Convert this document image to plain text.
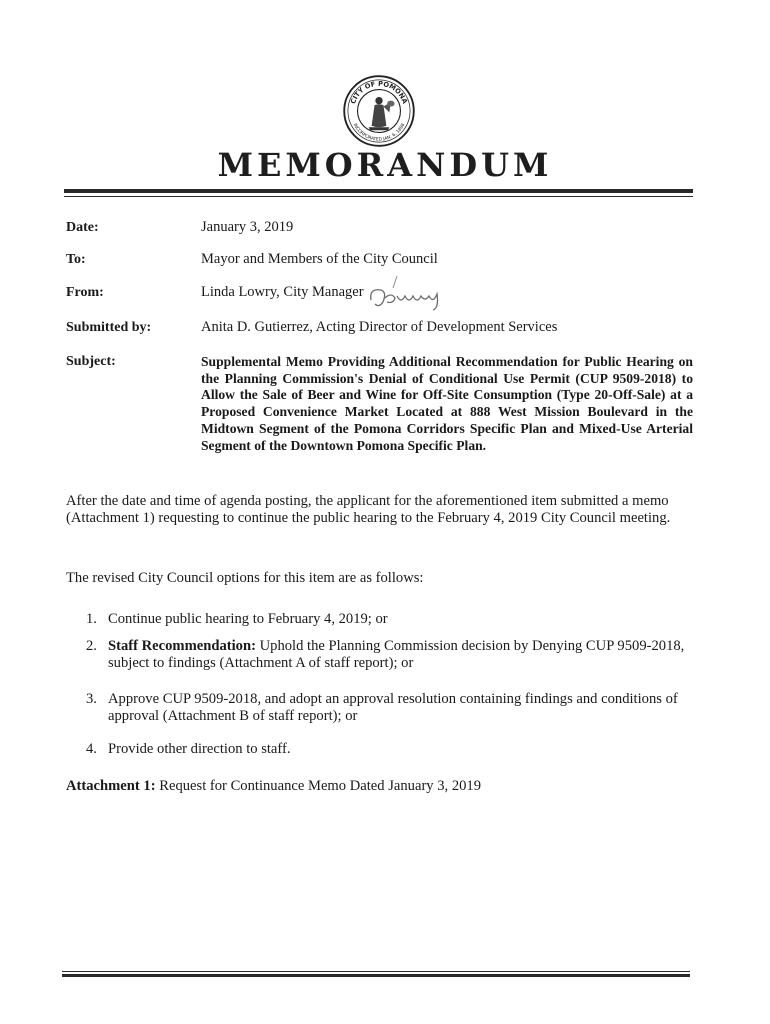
CITY OF POMONA
INCORPORATED JAN. 6, 1888
MEMORANDUM
Date:	January 3, 2019
To:	Mayor and Members of the City Council
From:	Linda Lowry, City Manager
Submitted by:	Anita D. Gutierrez, Acting Director of Development Services
Subject:	Supplemental Memo Providing Additional Recommendation for Public Hearing on the Planning Commission's Denial of Conditional Use Permit (CUP 9509-2018) to Allow the Sale of Beer and Wine for Off-Site Consumption (Type 20-Off-Sale) at a Proposed Convenience Market Located at 888 West Mission Boulevard in the Midtown Segment of the Pomona Corridors Specific Plan and Mixed-Use Arterial Segment of the Downtown Pomona Specific Plan.
After the date and time of agenda posting, the applicant for the aforementioned item submitted a memo (Attachment 1) requesting to continue the public hearing to the February 4, 2019 City Council meeting.
The revised City Council options for this item are as follows:
1. Continue public hearing to February 4, 2019; or
2. Staff Recommendation: Uphold the Planning Commission decision by Denying CUP 9509-2018, subject to findings (Attachment A of staff report); or
3. Approve CUP 9509-2018, and adopt an approval resolution containing findings and conditions of approval (Attachment B of staff report); or
4. Provide other direction to staff.
Attachment 1: Request for Continuance Memo Dated January 3, 2019
